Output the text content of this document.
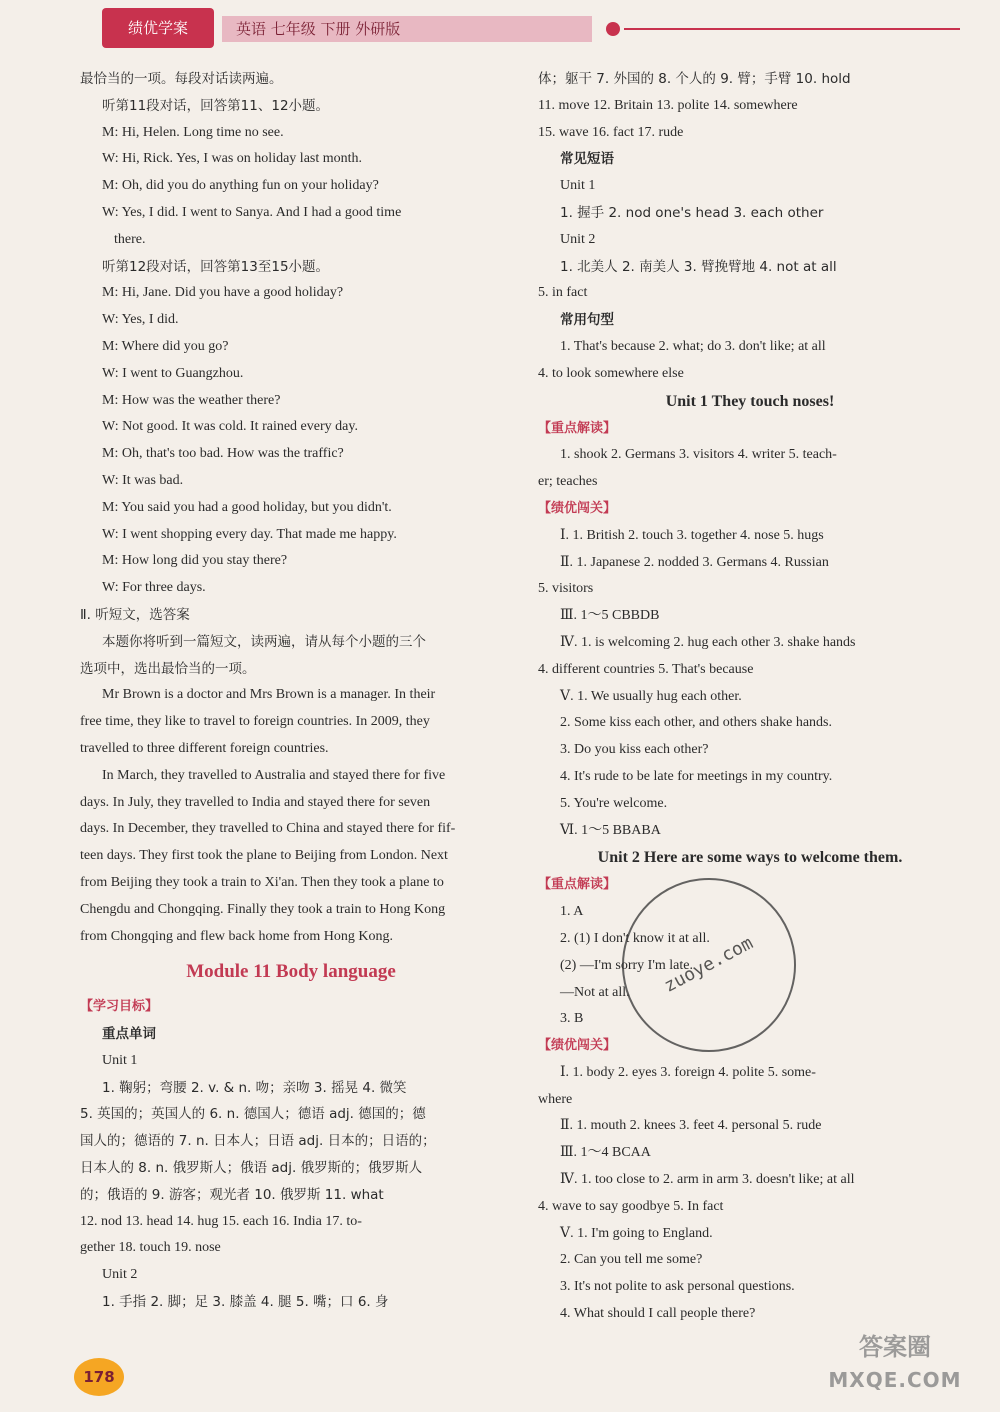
绩优学案	英语 七年级 下册 外研版
最恰当的一项。每段对话读两遍。
听第11段对话，回答第11、12小题。
M: Hi, Helen. Long time no see.
W: Hi, Rick. Yes, I was on holiday last month.
M: Oh, did you do anything fun on your holiday?
W: Yes, I did. I went to Sanya. And I had a good time
there.
听第12段对话，回答第13至15小题。
M: Hi, Jane. Did you have a good holiday?
W: Yes, I did.
M: Where did you go?
W: I went to Guangzhou.
M: How was the weather there?
W: Not good. It was cold. It rained every day.
M: Oh, that's too bad. How was the traffic?
W: It was bad.
M: You said you had a good holiday, but you didn't.
W: I went shopping every day. That made me happy.
M: How long did you stay there?
W: For three days.
Ⅱ. 听短文，选答案
本题你将听到一篇短文，读两遍，请从每个小题的三个
选项中，选出最恰当的一项。
Mr Brown is a doctor and Mrs Brown is a manager. In their
free time, they like to travel to foreign countries. In 2009, they
travelled to three different foreign countries.
In March, they travelled to Australia and stayed there for five
days. In July, they travelled to India and stayed there for seven
days. In December, they travelled to China and stayed there for fif-
teen days. They first took the plane to Beijing from London. Next
from Beijing they took a train to Xi'an. Then they took a plane to
Chengdu and Chongqing. Finally they took a train to Hong Kong
from Chongqing and flew back home from Hong Kong.
Module 11 Body language
【学习目标】
重点单词
Unit 1
1. 鞠躬；弯腰 2. v. & n. 吻；亲吻 3. 摇晃 4. 微笑
5. 英国的；英国人的 6. n. 德国人；德语 adj. 德国的；德
国人的；德语的 7. n. 日本人；日语 adj. 日本的；日语的；
日本人的 8. n. 俄罗斯人；俄语 adj. 俄罗斯的；俄罗斯人
的；俄语的 9. 游客；观光者 10. 俄罗斯 11. what
12. nod 13. head 14. hug 15. each 16. India 17. to-
gether 18. touch 19. nose
Unit 2
1. 手指 2. 脚；足 3. 膝盖 4. 腿 5. 嘴；口 6. 身
体；躯干 7. 外国的 8. 个人的 9. 臂；手臂 10. hold
11. move 12. Britain 13. polite 14. somewhere
15. wave 16. fact 17. rude
常见短语
Unit 1
1. 握手 2. nod one's head 3. each other
Unit 2
1. 北美人 2. 南美人 3. 臂挽臂地 4. not at all
5. in fact
常用句型
1. That's because 2. what; do 3. don't like; at all
4. to look somewhere else
Unit 1 They touch noses!
【重点解读】
1. shook 2. Germans 3. visitors 4. writer 5. teach-
er; teaches
【绩优闯关】
Ⅰ. 1. British 2. touch 3. together 4. nose 5. hugs
Ⅱ. 1. Japanese 2. nodded 3. Germans 4. Russian
5. visitors
Ⅲ. 1～5 CBBDB
Ⅳ. 1. is welcoming 2. hug each other 3. shake hands
4. different countries 5. That's because
Ⅴ. 1. We usually hug each other.
2. Some kiss each other, and others shake hands.
3. Do you kiss each other?
4. It's rude to be late for meetings in my country.
5. You're welcome.
Ⅵ. 1～5 BBABA
Unit 2 Here are some ways to welcome them.
【重点解读】
1. A
2. (1) I don't know it at all.
(2) —I'm sorry I'm late.
—Not at all.
3. B
【绩优闯关】
Ⅰ. 1. body 2. eyes 3. foreign 4. polite 5. some-
where
Ⅱ. 1. mouth 2. knees 3. feet 4. personal 5. rude
Ⅲ. 1～4 BCAA
Ⅳ. 1. too close to 2. arm in arm 3. doesn't like; at all
4. wave to say goodbye 5. In fact
Ⅴ. 1. I'm going to England.
2. Can you tell me some?
3. It's not polite to ask personal questions.
4. What should I call people there?
zuoye.com
178
答案圈
MXQE.COM
